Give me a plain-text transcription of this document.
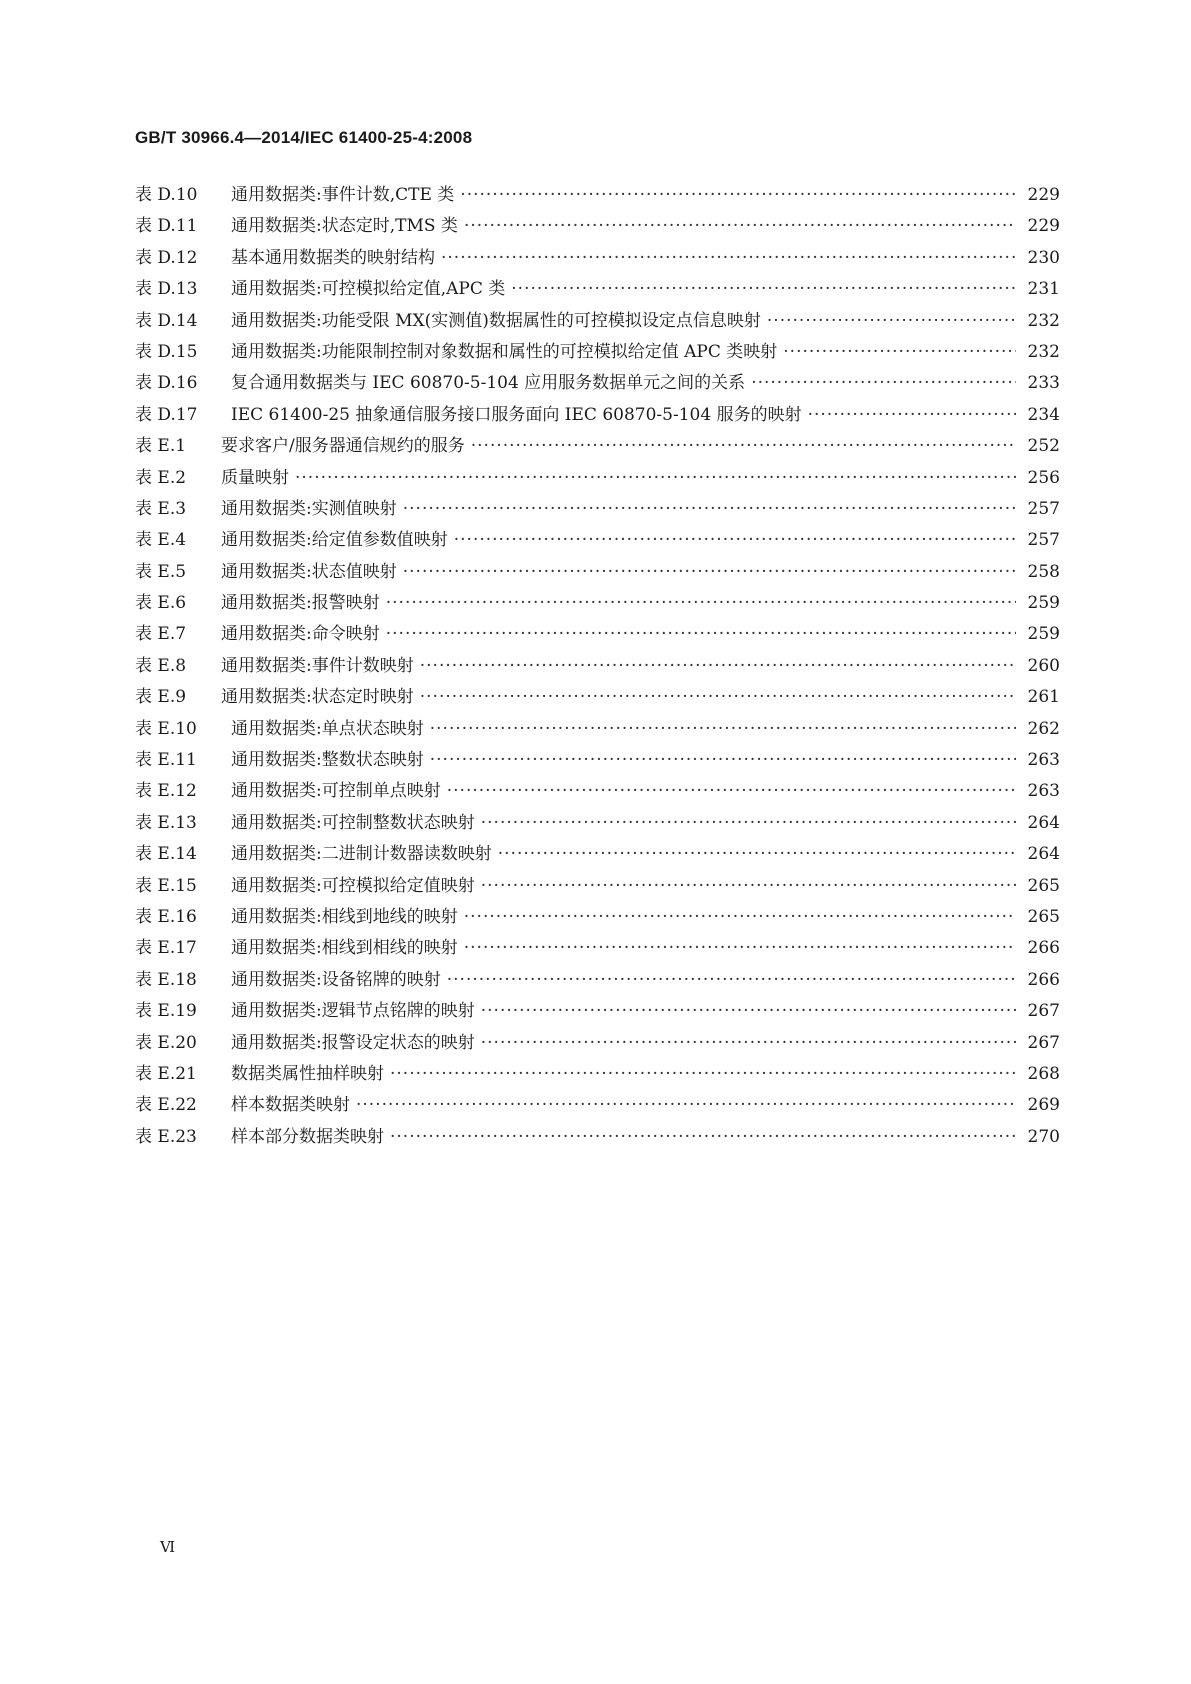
GB/T 30966.4—2014/IEC 61400-25-4:2008
表 D.10	通用数据类:事件计数,CTE 类 ·····	229
表 D.11	通用数据类:状态定时,TMS 类 ·····	229
表 D.12	基本通用数据类的映射结构 ·····	230
表 D.13	通用数据类:可控模拟给定值,APC 类 ·····	231
表 D.14	通用数据类:功能受限 MX(实测值)数据属性的可控模拟设定点信息映射 ·····	232
表 D.15	通用数据类:功能限制控制对象数据和属性的可控模拟给定值 APC 类映射 ·····	232
表 D.16	复合通用数据类与 IEC 60870-5-104 应用服务数据单元之间的关系 ·····	233
表 D.17	IEC 61400-25 抽象通信服务接口服务面向 IEC 60870-5-104 服务的映射 ·····	234
表 E.1	要求客户/服务器通信规约的服务 ·····	252
表 E.2	质量映射 ·····	256
表 E.3	通用数据类:实测值映射 ·····	257
表 E.4	通用数据类:给定值参数值映射 ·····	257
表 E.5	通用数据类:状态值映射 ·····	258
表 E.6	通用数据类:报警映射 ·····	259
表 E.7	通用数据类:命令映射 ·····	259
表 E.8	通用数据类:事件计数映射 ·····	260
表 E.9	通用数据类:状态定时映射 ·····	261
表 E.10	通用数据类:单点状态映射 ·····	262
表 E.11	通用数据类:整数状态映射 ·····	263
表 E.12	通用数据类:可控制单点映射 ·····	263
表 E.13	通用数据类:可控制整数状态映射 ·····	264
表 E.14	通用数据类:二进制计数器读数映射 ·····	264
表 E.15	通用数据类:可控模拟给定值映射 ·····	265
表 E.16	通用数据类:相线到地线的映射 ·····	265
表 E.17	通用数据类:相线到相线的映射 ·····	266
表 E.18	通用数据类:设备铭牌的映射 ·····	266
表 E.19	通用数据类:逻辑节点铭牌的映射 ·····	267
表 E.20	通用数据类:报警设定状态的映射 ·····	267
表 E.21	数据类属性抽样映射 ·····	268
表 E.22	样本数据类映射 ·····	269
表 E.23	样本部分数据类映射 ·····	270
Ⅵ
